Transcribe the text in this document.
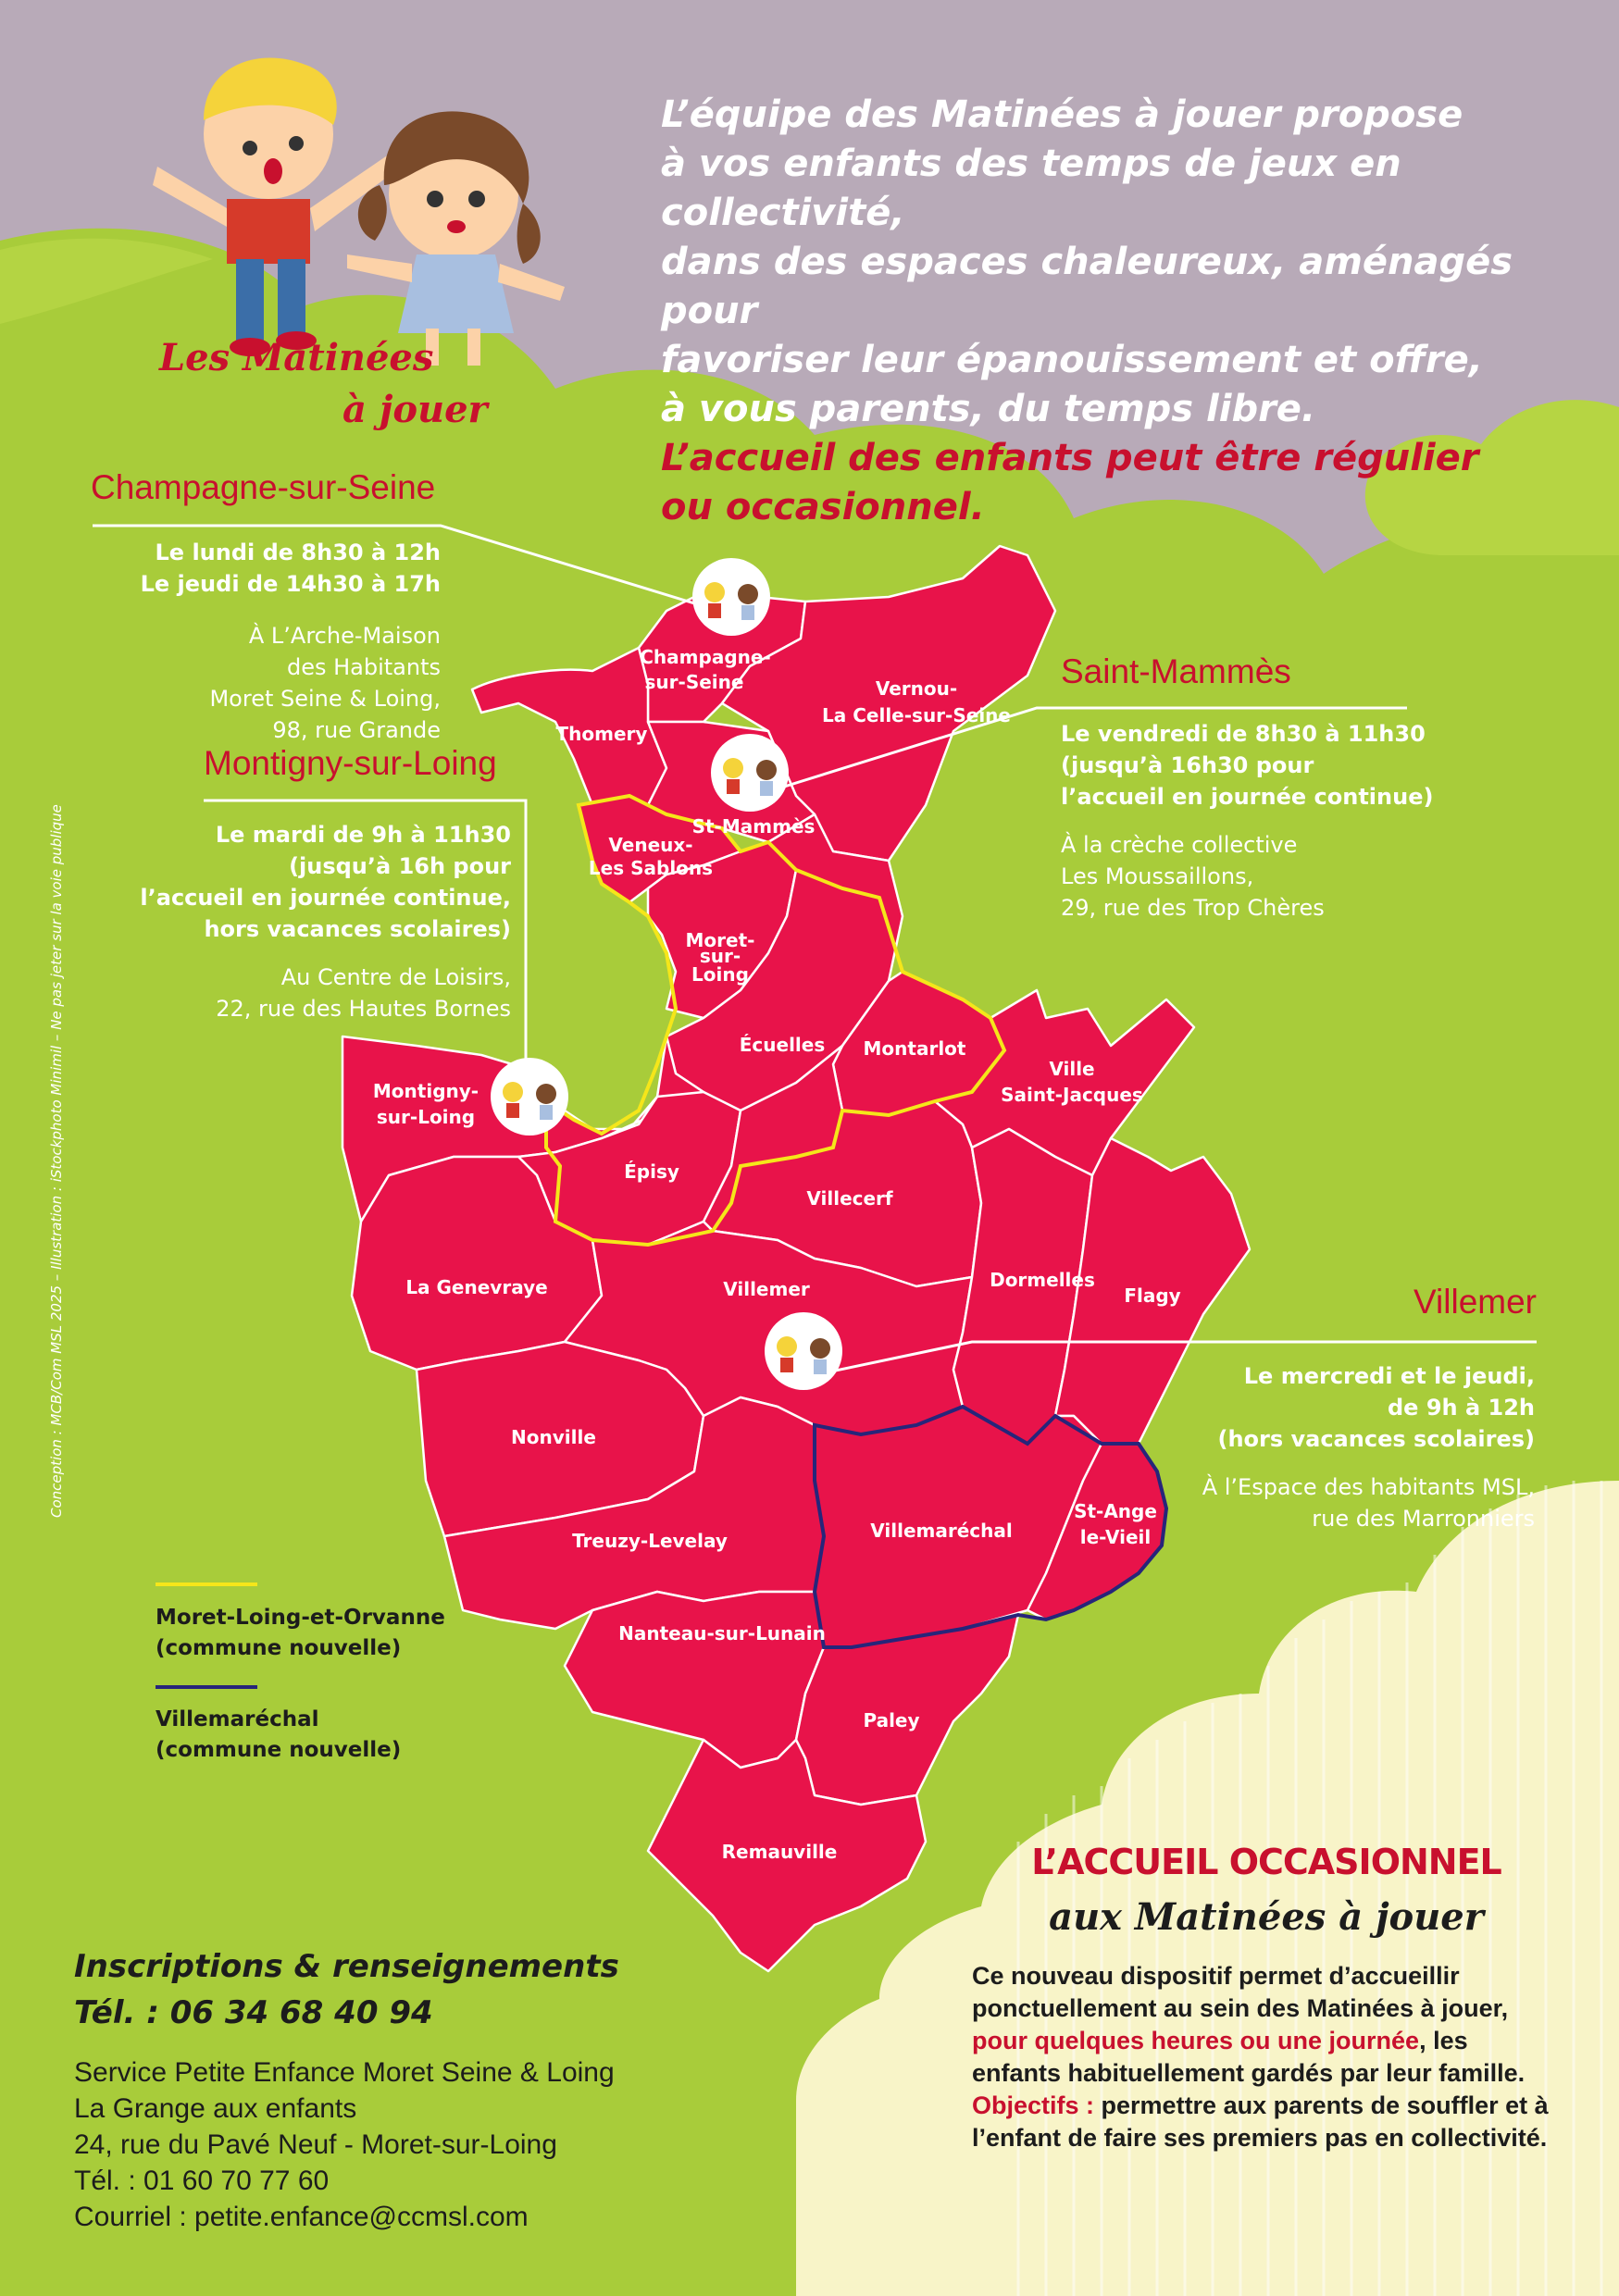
Les Matinées
à jouer
L’équipe des Matinées à jouer propose
à vos enfants des temps de jeux en collectivité,
dans des espaces chaleureux, aménagés pour
favoriser leur épanouissement et offre,
à vous parents, du temps libre.
L’accueil des enfants peut être régulier
ou occasionnel.
Champagne-
sur-Seine	Vernou-
La Celle-sur-Seine
Thomery
St-Mammès
Veneux-
Les Sablons
Moret-
sur-
Loing
Écuelles Montarlot
Ville
Saint-Jacques
Montigny-
sur-Loing
Épisy
Villecerf
La Genevraye	Villemer	Dormelles
Flagy
Nonville
Villemaréchal
St-Ange
le-Vieil
Treuzy-Levelay
Nanteau-sur-Lunain
Paley
Remauville
Champagne-sur-Seine
Le lundi de 8h30 à 12h
Le jeudi de 14h30 à 17h
À L’Arche-Maison
des Habitants
Moret Seine & Loing,
98, rue Grande
Montigny-sur-Loing
Le mardi de 9h à 11h30
(jusqu’à 16h pour
l’accueil en journée continue,
hors vacances scolaires)
Au Centre de Loisirs,
22, rue des Hautes Bornes
Saint-Mammès
Le vendredi de 8h30 à 11h30
(jusqu’à 16h30 pour
l’accueil en journée continue)
À la crèche collective
Les Moussaillons,
29, rue des Trop Chères
Villemer
Le mercredi et le jeudi,
de 9h à 12h
(hors vacances scolaires)
À l’Espace des habitants MSL,
rue des Marronniers
Moret-Loing-et-Orvanne
(commune nouvelle)
Villemaréchal
(commune nouvelle)
Conception : MCB/Com MSL 2025 – Illustration : iStockphoto Minimil – Ne pas jeter sur la voie publique
Inscriptions & renseignements
Tél. : 06 34 68 40 94
Service Petite Enfance Moret Seine & Loing
La Grange aux enfants
24, rue du Pavé Neuf - Moret-sur-Loing
Tél. : 01 60 70 77 60
Courriel : petite.enfance@ccmsl.com
L’ACCUEIL OCCASIONNEL
aux Matinées à jouer
Ce nouveau dispositif permet d’accueillir ponctuellement au sein des Matinées à jouer, pour quelques heures ou une journée, les enfants habituellement gardés par leur famille. Objectifs : permettre aux parents de souffler et à l’enfant de faire ses premiers pas en collectivité.
